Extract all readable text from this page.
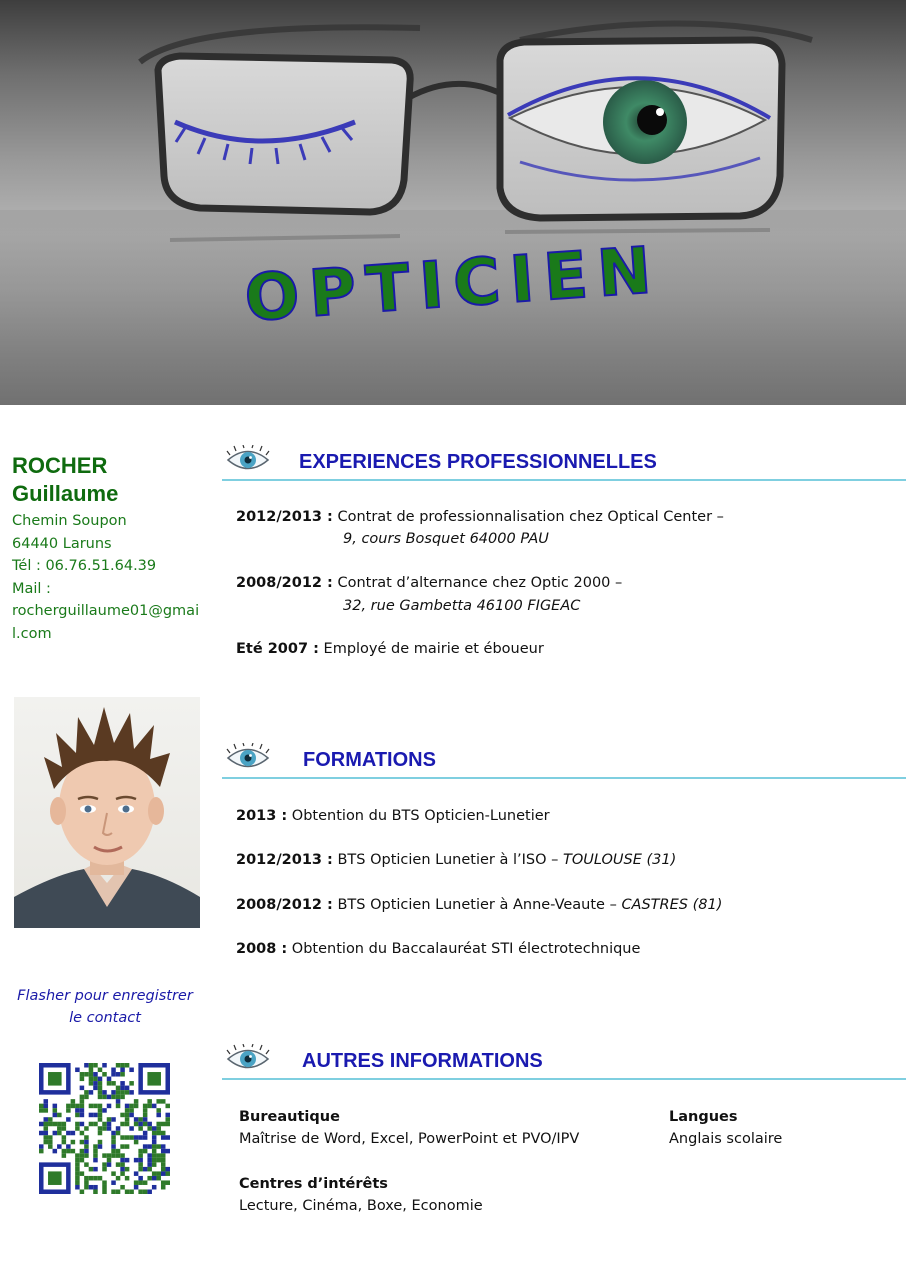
OPTICIEN
ROCHER
Guillaume
Chemin Soupon
64440 Laruns
Tél : 06.76.51.64.39
Mail :
rocherguillaume01@gmail.com
Flasher pour enregistrer
le contact
EXPERIENCES PROFESSIONNELLES
2012/2013 : Contrat de professionnalisation chez Optical Center –
9, cours Bosquet 64000 PAU
2008/2012 : Contrat d’alternance chez Optic 2000 –
32, rue Gambetta 46100 FIGEAC
Eté 2007 : Employé de mairie et éboueur
FORMATIONS
2013 : Obtention du BTS Opticien-Lunetier
2012/2013 : BTS Opticien Lunetier à l’ISO – TOULOUSE (31)
2008/2012 : BTS Opticien Lunetier à Anne-Veaute – CASTRES (81)
2008 : Obtention du Baccalauréat STI électrotechnique
AUTRES INFORMATIONS
Bureautique
Maîtrise de Word, Excel, PowerPoint et PVO/IPV
Langues
Anglais scolaire
Centres d’intérêts
Lecture, Cinéma, Boxe, Economie
